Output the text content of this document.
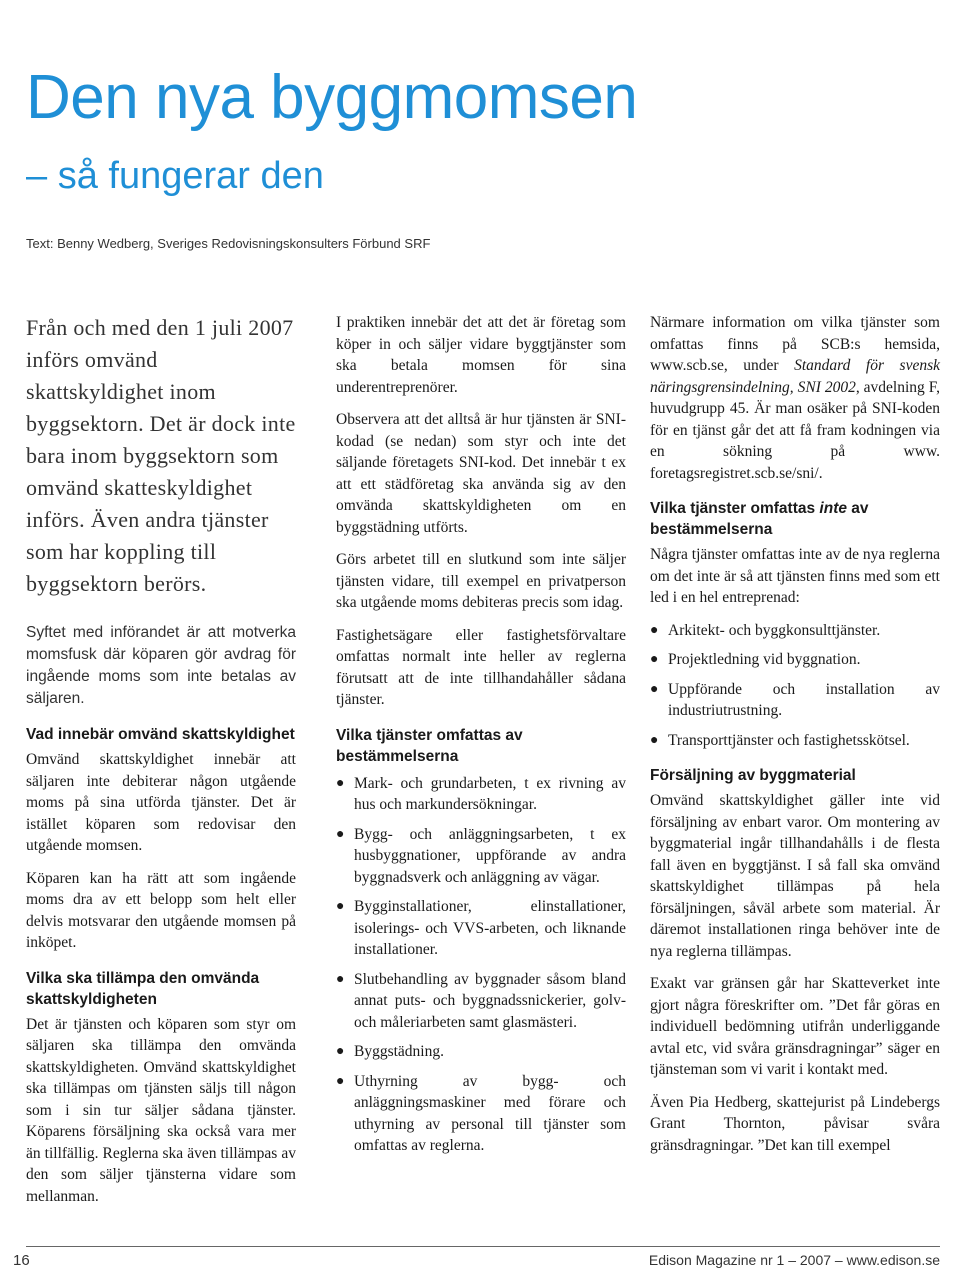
Den nya byggmomsen
– så fungerar den
Text: Benny Wedberg, Sveriges Redovisningskonsulters Förbund SRF

Från och med den 1 juli 2007 införs omvänd skattskyldighet inom byggsektorn. Det är dock inte bara inom byggsektorn som omvänd skatteskyldighet införs. Även andra tjänster som har koppling till byggsektorn berörs.

Syftet med införandet är att motverka momsfusk där köparen gör avdrag för ingående moms som inte betalas av säljaren.

Vad innebär omvänd skattskyldighet

Omvänd skattskyldighet innebär att säljaren inte debiterar någon utgående moms på sina utförda tjänster. Det är istället köparen som redovisar den utgående momsen.

Köparen kan ha rätt att som ingående moms dra av ett belopp som helt eller delvis motsvarar den utgående momsen på inköpet.

Vilka ska tillämpa den omvända skattskyldigheten

Det är tjänsten och köparen som styr om säljaren ska tillämpa den omvända skattskyldigheten. Omvänd skattskyldighet ska tillämpas om tjänsten säljs till någon som i sin tur säljer sådana tjänster. Köparens försäljning ska också vara mer än tillfällig. Reglerna ska även tillämpas av den som säljer tjänsterna vidare som mellanman.

I praktiken innebär det att det är företag som köper in och säljer vidare byggtjänster som ska betala momsen för sina underentreprenörer.

Observera att det alltså är hur tjänsten är SNI-kodad (se nedan) som styr och inte det säljande företagets SNI-kod. Det innebär t ex att ett städföretag ska använda sig av den omvända skattskyldigheten om en byggstädning utförts.

Görs arbetet till en slutkund som inte säljer tjänsten vidare, till exempel en privatperson ska utgående moms debiteras precis som idag.

Fastighetsägare eller fastighetsförvaltare omfattas normalt inte heller av reglerna förutsatt att de inte tillhandahåller sådana tjänster.

Vilka tjänster omfattas av bestämmelserna
● Mark- och grundarbeten, t ex rivning av hus och markundersökningar.
● Bygg- och anläggningsarbeten, t ex husbyggnationer, uppförande av andra byggnadsverk och anläggning av vägar.
● Bygginstallationer, elinstallationer, isolerings- och VVS-arbeten, och liknande installationer.
● Slutbehandling av byggnader såsom bland annat puts- och byggnadssnickerier, golv- och måleriarbeten samt glasmästeri.
● Byggstädning.
● Uthyrning av bygg- och anläggningsmaskiner med förare och uthyrning av personal till tjänster som omfattas av reglerna.

Närmare information om vilka tjänster som omfattas finns på SCB:s hemsida, www.scb.se, under Standard för svensk näringsgrensindelning, SNI 2002, avdelning F, huvudgrupp 45. Är man osäker på SNI-koden för en tjänst går det att få fram kodningen via en sökning på www. foretagsregistret.scb.se/sni/.

Vilka tjänster omfattas inte av bestämmelserna

Några tjänster omfattas inte av de nya reglerna om det inte är så att tjänsten finns med som ett led i en hel entreprenad:

● Arkitekt- och byggkonsulttjänster.
● Projektledning vid byggnation.
● Uppförande och installation av industriutrustning.
● Transporttjänster och fastighetsskötsel.
Försäljning av byggmaterial

Omvänd skattskyldighet gäller inte vid försäljning av enbart varor. Om montering av byggmaterial ingår tillhandahålls i de flesta fall även en byggtjänst. I så fall ska omvänd skattskyldighet tillämpas på hela försäljningen, såväl arbete som material. Är däremot installationen ringa behöver inte de nya reglerna tillämpas.

Exakt var gränsen går har Skatteverket inte gjort några föreskrifter om. ”Det får göras en individuell bedömning utifrån underliggande avtal etc, vid svåra gränsdragningar” säger en tjänsteman som vi varit i kontakt med.

Även Pia Hedberg, skattejurist på Lindebergs Grant Thornton, påvisar svåra gränsdragningar. ”Det kan till exempel

16	Edison Magazine nr 1 – 2007 – www.edison.se
